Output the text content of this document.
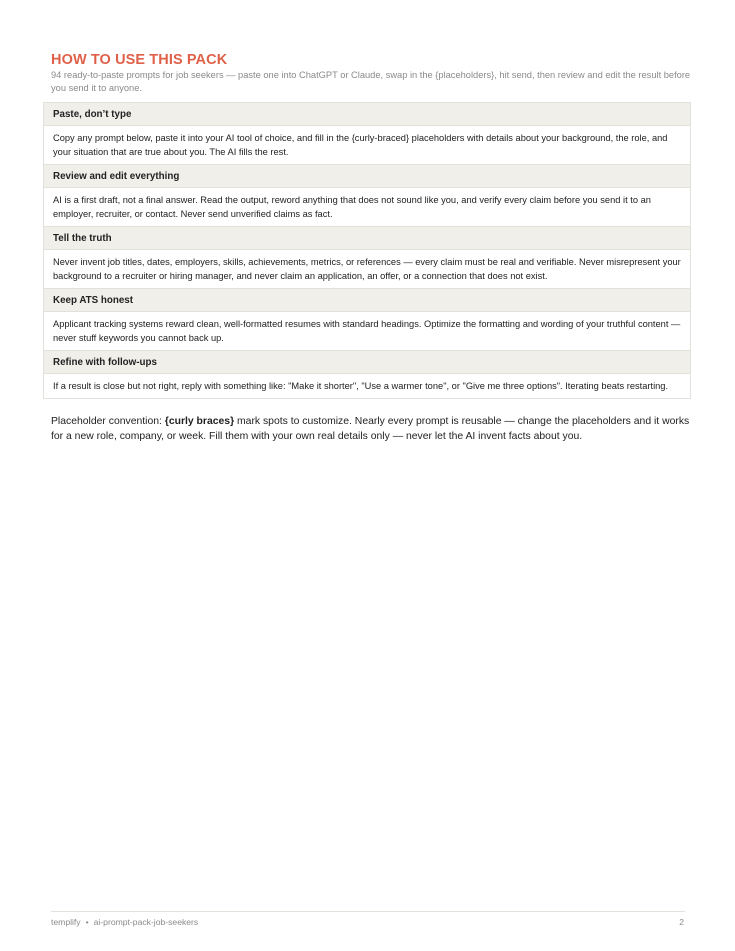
HOW TO USE THIS PACK
94 ready-to-paste prompts for job seekers — paste one into ChatGPT or Claude, swap in the {placeholders}, hit send, then review and edit the result before you send it to anyone.
Paste, don’t type
Copy any prompt below, paste it into your AI tool of choice, and fill in the {curly-braced} placeholders with details about your background, the role, and your situation that are true about you. The AI fills the rest.
Review and edit everything
AI is a first draft, not a final answer. Read the output, reword anything that does not sound like you, and verify every claim before you send it to an employer, recruiter, or contact. Never send unverified claims as fact.
Tell the truth
Never invent job titles, dates, employers, skills, achievements, metrics, or references — every claim must be real and verifiable. Never misrepresent your background to a recruiter or hiring manager, and never claim an application, an offer, or a connection that does not exist.
Keep ATS honest
Applicant tracking systems reward clean, well-formatted resumes with standard headings. Optimize the formatting and wording of your truthful content — never stuff keywords you cannot back up.
Refine with follow-ups
If a result is close but not right, reply with something like: "Make it shorter", "Use a warmer tone", or "Give me three options". Iterating beats restarting.
Placeholder convention: {curly braces} mark spots to customize. Nearly every prompt is reusable — change the placeholders and it works for a new role, company, or week. Fill them with your own real details only — never let the AI invent facts about you.
templify • ai-prompt-pack-job-seekers	2
